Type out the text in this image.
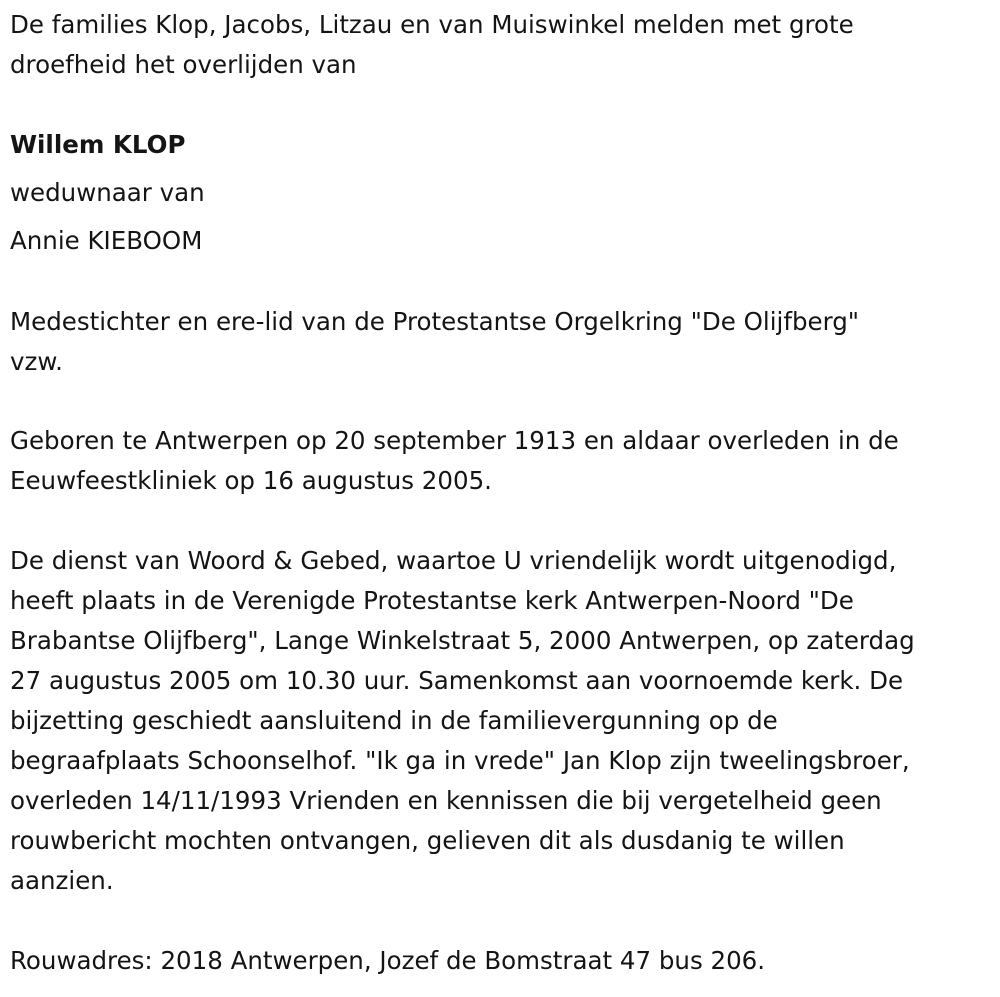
De families Klop, Jacobs, Litzau en van Muiswinkel melden met grote
droefheid het overlijden van

Willem KLOP

weduwnaar van

Annie KIEBOOM

Medestichter en ere-lid van de Protestantse Orgelkring "De Olijfberg"
vzw.

Geboren te Antwerpen op 20 september 1913 en aldaar overleden in de
Eeuwfeestkliniek op 16 augustus 2005.

De dienst van Woord & Gebed, waartoe U vriendelijk wordt uitgenodigd,
heeft plaats in de Verenigde Protestantse kerk Antwerpen-Noord "De
Brabantse Olijfberg", Lange Winkelstraat 5, 2000 Antwerpen, op zaterdag
27 augustus 2005 om 10.30 uur. Samenkomst aan voornoemde kerk. De
bijzetting geschiedt aansluitend in de familievergunning op de
begraafplaats Schoonselhof. "Ik ga in vrede" Jan Klop zijn tweelingsbroer,
overleden 14/11/1993 Vrienden en kennissen die bij vergetelheid geen
rouwbericht mochten ontvangen, gelieven dit als dusdanig te willen
aanzien.

Rouwadres: 2018 Antwerpen, Jozef de Bomstraat 47 bus 206.
